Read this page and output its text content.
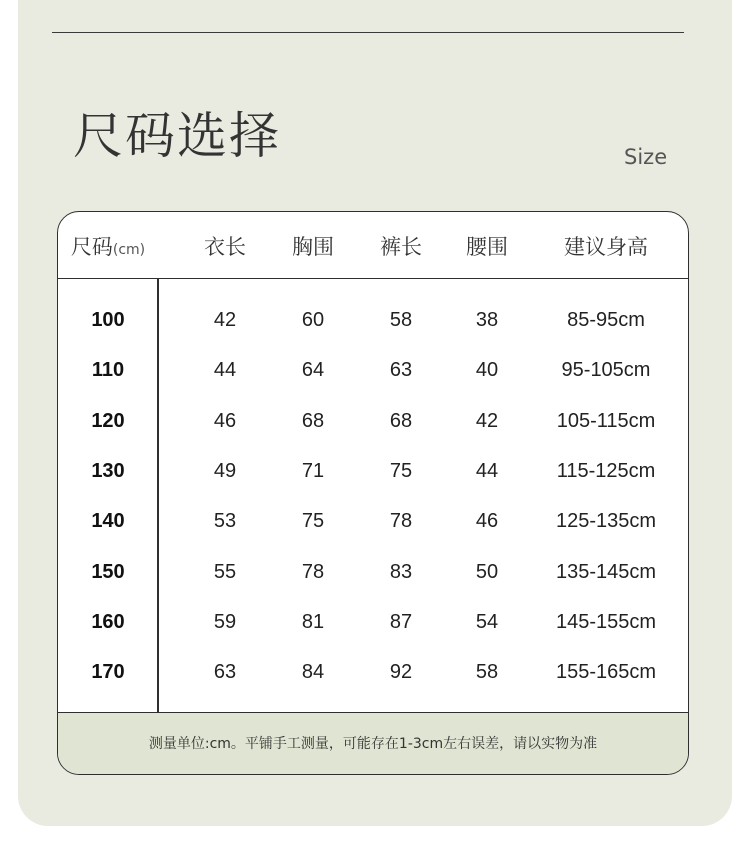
尺码选择	Size
尺码(cm)	衣长	胸围	裤长	腰围	建议身高
100	42	60	58	38	85-95cm
110	44	64	63	40	95-105cm
120	46	68	68	42	105-115cm
130	49	71	75	44	115-125cm
140	53	75	78	46	125-135cm
150	55	78	83	50	135-145cm
160	59	81	87	54	145-155cm
170	63	84	92	58	155-165cm
测量单位:cm。平铺手工测量，可能存在1-3cm左右误差，请以实物为准
